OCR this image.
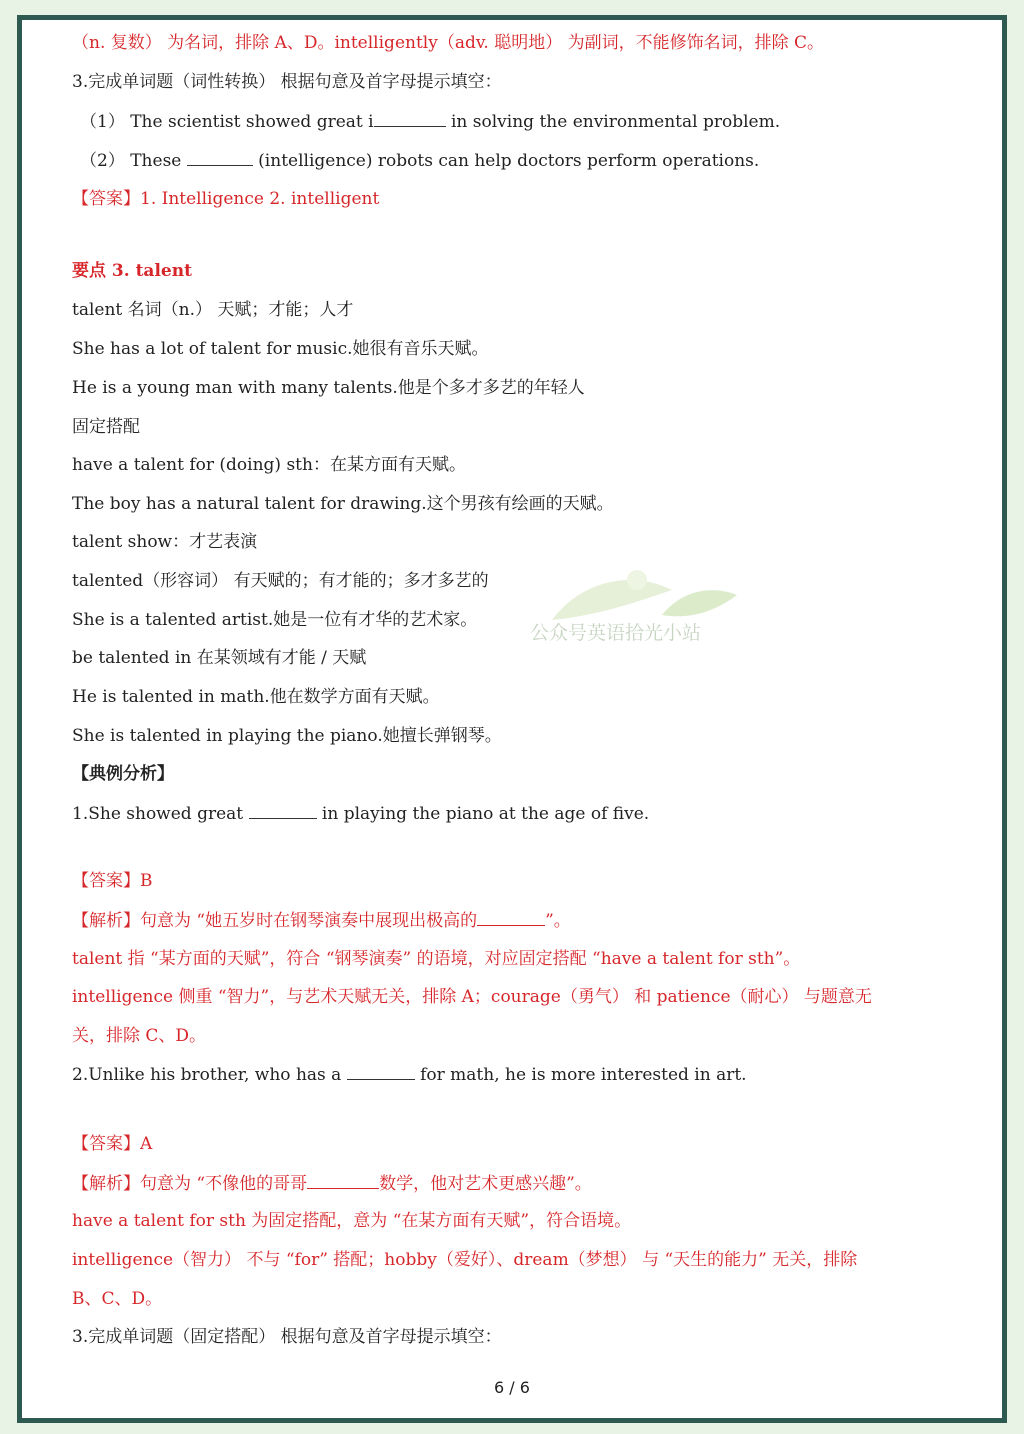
（n. 复数） 为名词，排除 A、D。intelligently（adv. 聪明地） 为副词，不能修饰名词，排除 C。
3.完成单词题（词性转换） 根据句意及首字母提示填空：
（1） The scientist showed great i	in solving the environmental problem.
（2） These	(intelligence) robots can help doctors perform operations.
【答案】1. Intelligence 2. intelligent
要点 3. talent
talent 名词（n.） 天赋；才能；人才
She has a lot of talent for music.她很有音乐天赋。
He is a young man with many talents.他是个多才多艺的年轻人
固定搭配
have a talent for (doing) sth：在某方面有天赋。
The boy has a natural talent for drawing.这个男孩有绘画的天赋。
talent show：才艺表演
talented（形容词） 有天赋的；有才能的；多才多艺的
She is a talented artist.她是一位有才华的艺术家。
be talented in 在某领域有才能 / 天赋
He is talented in math.他在数学方面有天赋。
She is talented in playing the piano.她擅长弹钢琴。
【典例分析】
1.She showed great	in playing the piano at the age of five.
【答案】B
【解析】句意为 “她五岁时在钢琴演奏中展现出极高的	”。
talent 指 “某方面的天赋”，符合 “钢琴演奏” 的语境，对应固定搭配 “have a talent for sth”。
intelligence 侧重 “智力”，与艺术天赋无关，排除 A；courage（勇气） 和 patience（耐心） 与题意无
关，排除 C、D。
2.Unlike his brother, who has a	for math, he is more interested in art.
【答案】A
【解析】句意为 “不像他的哥哥	数学，他对艺术更感兴趣”。
have a talent for sth 为固定搭配，意为 “在某方面有天赋”，符合语境。
intelligence（智力） 不与 “for” 搭配；hobby（爱好）、dream（梦想） 与 “天生的能力” 无关，排除
B、C、D。
3.完成单词题（固定搭配） 根据句意及首字母提示填空：
公众号英语拾光小站
6 / 6
